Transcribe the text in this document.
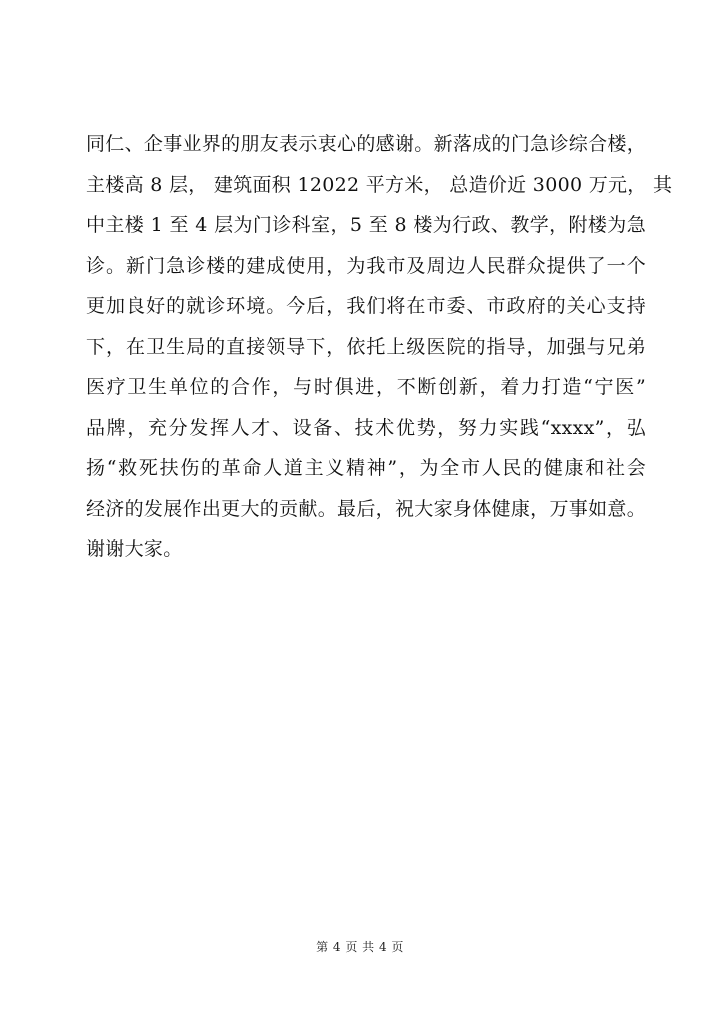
同仁、企事业界的朋友表示衷心的感谢。新落成的门急诊综合楼，
主楼高 8 层， 建筑面积 12022 平方米， 总造价近 3000 万元， 其
中主楼 1 至 4 层为门诊科室，5 至 8 楼为行政、教学，附楼为急
诊。新门急诊楼的建成使用，为我市及周边人民群众提供了一个
更加良好的就诊环境。今后，我们将在市委、市政府的关心支持
下，在卫生局的直接领导下，依托上级医院的指导，加强与兄弟
医疗卫生单位的合作，与时俱进，不断创新，着力打造“宁医”
品牌，充分发挥人才、设备、技术优势，努力实践“xxxx”，弘
扬“救死扶伤的革命人道主义精神”，为全市人民的健康和社会
经济的发展作出更大的贡献。最后，祝大家身体健康，万事如意。
谢谢大家。
第 4 页 共 4 页
